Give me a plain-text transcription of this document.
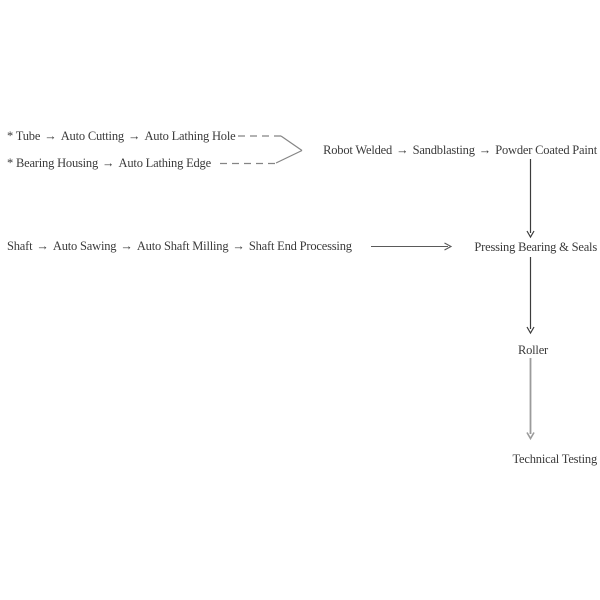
* Tube → Auto Cutting → Auto Lathing Hole
* Bearing Housing → Auto Lathing Edge
Robot Welded → Sandblasting → Powder Coated Paint
Shaft → Auto Sawing → Auto Shaft Milling → Shaft End Processing	Pressing Bearing & Seals
Roller
Technical Testing
